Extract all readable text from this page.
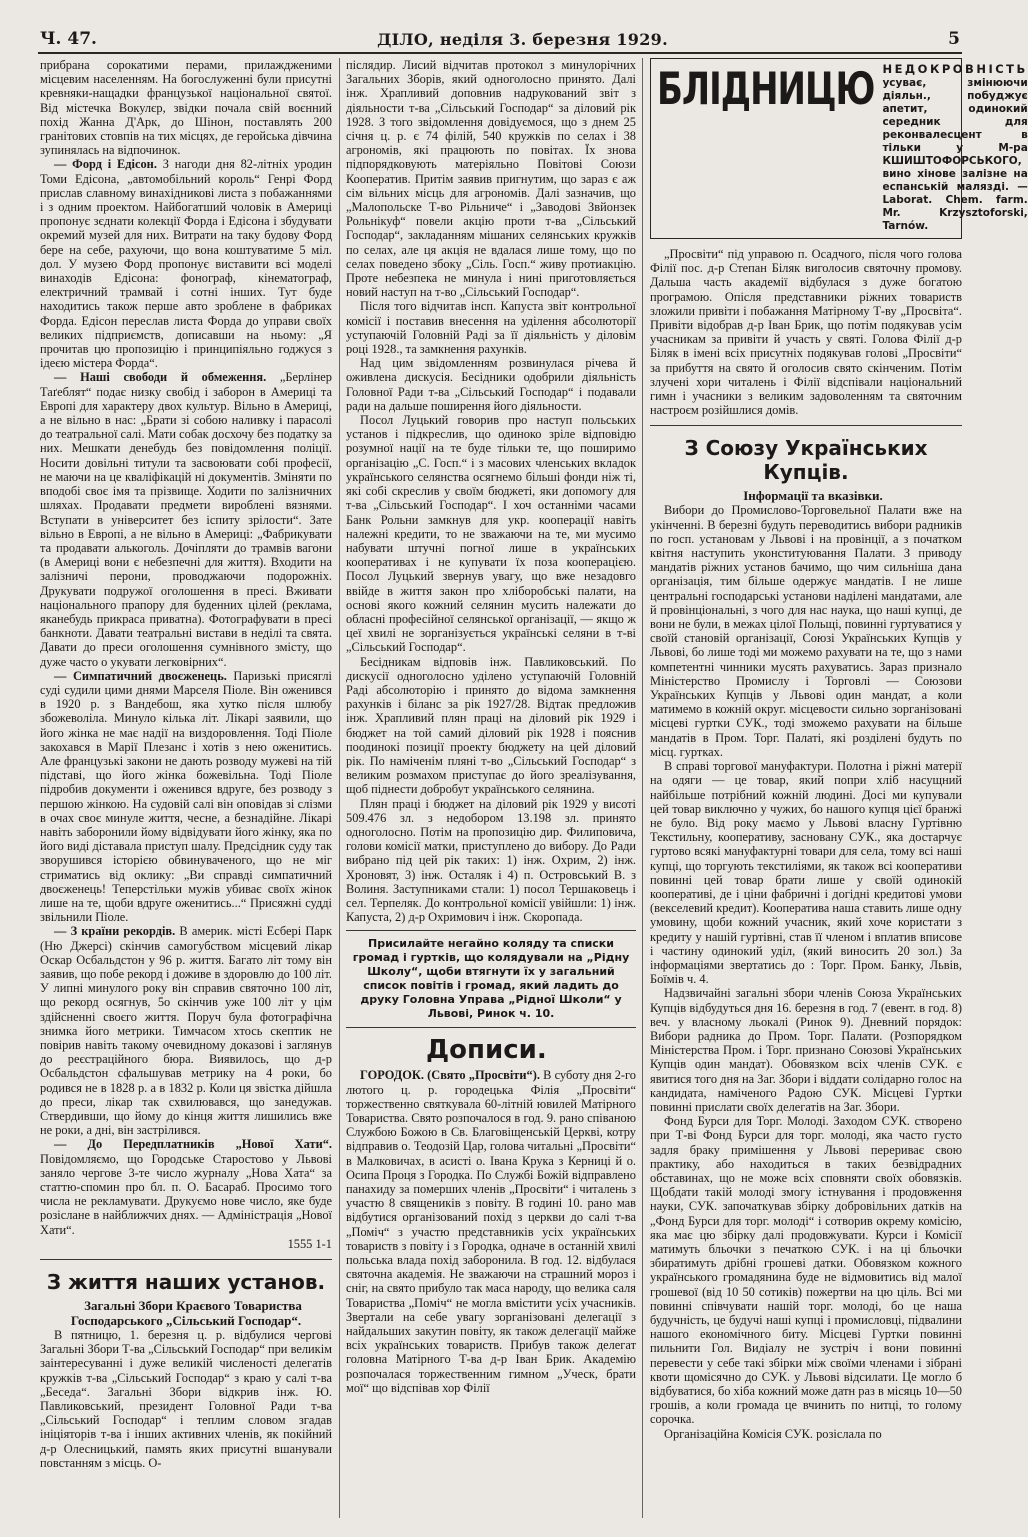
Ч. 47.	ДІЛО, неділя 3. березня 1929.	5

прибрана сорокатими перами, прилаждженими місцевим населенням. На богослуженні були присутні кревняки-нащадки французької національної святої. Від містечка Вокулєр, звідки почала свій воєнний похід Жанна Д'Арк, до Шінон, поставлять 200 гранітових стовпів на тих місцях, де геройська дівчина зупинялась на відпочинок.

— Форд і Едісон. З нагоди дня 82-літніх уродин Томи Едісона, „автомобільний король“ Генрі Форд прислав славному винахідникові листа з побажаннями і з одним проектом. Найбогатший чоловік в Америці пропонує зєднати колекції Форда і Едісона і збудувати окремий музей для них. Витрати на таку будову Форд бере на себе, рахуючи, що вона коштуватиме 5 міл. дол. У музею Форд пропонує виставити всі моделі винаходів Едісона: фонограф, кінематограф, електричний трамвай і сотні інших. Тут буде находитись також перше авто зроблене в фабриках Форда. Едісон переслав листа Форда до управи своїх великих підприємств, дописавши на ньому: „Я прочитав цю пропозицію і принципіяльно годжуся з ідеєю містера Форда“.

— Наші свободи й обмеження. „Берлінер Таґеблят“ подає низку свобід і заборон в Америці та Европі для характеру двох культур. Вільно в Америці, а не вільно в нас: „Брати зі собою наливку і парасолі до театральної салі. Мати собак досхочу без податку за них. Мешкати денебудь без повідомлення поліції. Носити довільні титули та засвоювати собі професії, не маючи на це кваліфікацій ні документів. Зміняти по вподобі своє імя та прізвище. Ходити по залізничних шляхах. Продавати предмети вироблені вязнями. Вступати в університет без іспиту зрілости“. Зате вільно в Европі, а не вільно в Америці: „Фабрикувати та продавати алькоголь. Дочіпляти до трамвів вагони (в Америці вони є небезпечні для життя). Входити на залізничі перони, проводжаючи подорожніх. Друкувати подружої оголошення в пресі. Вживати національного прапору для буденних цілей (реклама, яканебудь прикраса приватна). Фотографувати в пресі банкноти. Давати театральні вистави в неділі та свята. Давати до преси оголошення сумнівного змісту, що дуже часто о укувати легковірних“.

— Симпатичний двоєженець. Паризькі присяглі суді судили цими днями Марселя Піоле. Він оженився в 1920 р. з Вандебош, яка хутко після шлюбу збожеволіла. Минуло кілька літ. Лікарі заявили, що його жінка не має надії на виздоровлення. Тоді Піоле закохався в Марії Плезанс і хотів з нею оженитись. Але французькі закони не дають розводу мужеві на тій підставі, що його жінка божевільна. Тоді Піоле підробив документи і оженився вдруге, без розводу з першою жінкою. На судовій салі він оповідав зі слізми в очах своє минуле життя, чесне, а безнадійне. Лікарі навіть заборонили йому відвідувати його жінку, яка по його виді діставала приступ шалу. Предсідник суду так зворушився історією обвинуваченого, що не міг стриматись від оклику: „Ви справді симпатичний двоєженець! Теперстільки мужів убиває своїх жінок лише на те, щоби вдруге оженитись...“ Присяжні судді звільнили Піоле.

— З країни рекордів. В америк. місті Есбері Парк (Ню Джерсі) скінчив самогубством місцевий лікар Оскар Осбальдстон у 96 р. життя. Багато літ тому він заявив, що побе рекорд і доживе в здоровлю до 100 літ. У липні минулого року він справив святочно 100 літ, що рекорд осягнув, 5о скінчив уже 100 літ у цім здійсненні своєго життя. Поруч була фотографічна знимка його метрики. Тимчасом хтось скептик не повірив навіть такому очевидному доказові і заглянув до реєстраційного бюра. Виявилось, що д-р Осбальдстон сфальшував метрику на 4 роки, бо родився не в 1828 р. а в 1832 р. Коли ця звістка дійшла до преси, лікар так схвилювався, що занедужав. Ствердивши, що йому до кінця життя лишились вже не роки, а дні, він застрілився.

— До Передплатників „Нової Хати“. Повідомляємо, що Городське Старостово у Львові заняло чергове 3-те число журналу „Нова Хата“ за статтю-спомин про бл. п. О. Басараб. Просимо того числа не рекламувати. Друкуємо нове число, яке буде розіслане в найближчих днях. — Адміністрація „Нової Хати“.

1555 1-1

З життя наших установ.

Загальні Збори Краєвого Товариства Господарського „Сільський Господар“.

В пятницю, 1. березня ц. р. відбулися чергові Загальні Збори Т-ва „Сільський Господар“ при великім заінтересуванні і дуже великій численості делегатів кружків т-ва „Сільський Господар“ з краю у салі т-ва „Беседа“. Загальні Збори відкрив інж. Ю. Павликовський, президент Головної Ради т-ва „Сільський Господар“ і теплим словом згадав ініціяторів т-ва і інших активних членів, як покійний д-р Олесницький, память яких присутні вшанували повстанням з місць. О-

післядир. Лисий відчитав протокол з минулорічних Загальних Зборів, який одноголосно принято. Далі інж. Храпливий доповнив надрукований звіт з діяльности т-ва „Сільський Господар“ за діловий рік 1928. З того звідомлення довідуємося, що з днем 25 січня ц. р. є 74 філій, 540 кружків по селах і 38 агрономів, які працюють по повітах. Їх знова підпорядковують матеріяльно Повітові Союзи Кооператив. Притім заявив пригнутим, що зараз є аж сім вільних місць для агрономів. Далі зазначив, що „Малопольске Т-во Рільниче“ і „Заводові Звйонзек Рольнікуф“ повели акцію проти т-ва „Сільський Господар“, закладанням мішаних селянських кружків по селах, але ця акція не вдалася лише тому, що по селах поведено збоку „Сіль. Госп.“ живу протиакцію. Проте небезпека не минула і нині приготовляється новий наступ на т-во „Сільський Господар“.

Після того відчитав інсп. Капуста звіт контрольної комісії і поставив внесення на уділення абсолюторії уступаючій Головній Раді за її діяльність у діловім році 1928., та замкнення рахунків.

Над цим звідомленням розвинулася річева й оживлена дискусія. Бесідники одобрили діяльність Головної Ради т-ва „Сільський Господар“ і подавали ради на дальше поширення його діяльности.

Посол Луцький говорив про наступ польських установ і підкреслив, що одиноко зріле відповідю розумної нації на те буде тільки те, що поширимо організацію „С. Госп.“ і з масових членських вкладок українського селянства осягнемо більші фонди ніж ті, які собі скреслив у своїм бюджеті, яки допомогу для т-ва „Сільський Господар“. І хоч останніми часами Банк Рольни замкнув для укр. кооперації навіть належні кредити, то не зважаючи на те, ми мусимо набувати штучні погної лише в українських кооперативах і не купувати їх поза кооперацією. Посол Луцький звернув увагу, що вже незадовго ввійде в життя закон про хліборобські палати, на основі якого кожний селянин мусить належати до обласні професійної селянської організації, — якщо ж цеї хвилі не зорганізується українські селяни в т-ві „Сільський Господар“.

Бесідникам відповів інж. Павликовський. По дискусії одноголосно уділено уступаючій Головній Раді абсолюторію і принято до відома замкнення рахунків і біланс за рік 1927/28. Відтак предложив інж. Храпливий плян праці на діловий рік 1929 і бюджет на той самий діловий рік 1928 і пояснив поодинокі позиції проекту бюджету на цей діловий рік. По наміченім пляні т-во „Сільський Господар“ з великим розмахом приступає до його зреалізування, щоб піднести добробут українського селянина.

Плян праці і бюджет на діловий рік 1929 у висоті 509.476 зл. з недобором 13.198 зл. принято одноголосно. Потім на пропозицію дир. Филиповича, голови комісії матки, приступлено до вибору. До Ради вибрано під цей рік таких: 1) інж. Охрим, 2) інж. Хроновят, 3) інж. Осталяк і 4) п. Островський В. з Волиня. Заступниками стали: 1) посол Тершаковець і сел. Терпеляк. До контрольної комісії увійшли: 1) інж. Капуста, 2) д-р Охримович і інж. Скоропада.

Присилайте негайно колядy та списки громад і гуртків, що колядували на „Рідну Школу“, щоби втягнути їх у загальний список повітів і громад, який ладить до друку Головна Управа „Рідної Школи“ у Львові, Ринок ч. 10.
Дописи.

ГОРОДОК. (Свято „Просвіти“). В суботу дня 2-го лютого ц. р. городецька Філія „Просвіти“ торжественно святкувала 60-літній ювилей Матірного Товариства. Свято розпочалося в год. 9. рано співаною Службою Божою в Св. Благовіщенській Церкві, котру відправив о. Теодозій Цар, голова читальні „Просвіти“ в Малковичах, в асисті о. Івана Крука з Керниці й о. Осипа Проця з Городка. По Службі Божій відправлено панахиду за померших членів „Просвіти“ і читалень з участю 8 священиків з повіту. В годині 10. рано мав відбутися організований похід з церкви до салі т-ва „Поміч“ з участю представників усіх українських товариств з повіту і з Городка, одначе в останній хвилі польська влада похід заборонила. В год. 12. відбулася святочна академія. Не зважаючи на страшний мороз і сніг, на свято прибуло так маса народу, що велика саля Товариства „Поміч“ не могла вмістити усіх учасників. Звертали на себе увагу зорганізовані делегації з найдальших закутин повіту, як також делегації майже всіх українських товариств. Прибув також делегат головна Матірного Т-ва д-р Іван Брик. Академію розпочалася торжественним гимном „Уческ, брати мої“ що відспівав хор Філії

БЛІДНИЦЮ НЕДОКРОВНІСТЬ
усуває, змінюючи діяльн., побуджує апетит, одинокий середник для реконвалесцент в тільки у М-ра КШИШТОФОРСЬКОГО, вино хінове залізне на еспанській малязді. — Laborat. Chem. farm. Mr. Krzysztoforski, Tarnów.

„Просвіти“ під управою п. Осадчого, після чого голова Філії пос. д-р Степан Біляк виголосив святочну промову. Дальша часть академії відбулася з дуже богатою програмою. Опісля представники ріжних товариств зложили привіти і побажання Матірному Т-ву „Просвіта“. Привіти відобрав д-р Іван Брик, що потім подякував усім учасникам за привіти й участь у святі. Голова Філії д-р Біляк в імені всіх присутніх подякував голові „Просвіти“ за прибуття на свято й оголосив свято скінченим. Потім злучені хори читалень і Філії відспівали національний гимн і учасники з великим задоволенням та святочним настроєм розійшлися домів.

З Союзу Українських Купців.

Інформації та вказівки.

Вибори до Промислово-Торговельної Палати вже на укінченні. В березні будуть переводитись вибори радників по госп. установам у Львові і на провінції, а з початком квітня наступить уконституювання Палати. З приводу мандатів ріжних установ бачимо, що чим сильніша дана організація, тим більше одержує мандатів. І не лише центральні господарські установи наділені мандатами, але й провінціональні, з чого для нас наука, що наші купці, де вони не були, в межах цілої Польщі, повинні гуртуватися у своїй становій організації, Союзі Українських Купців у Львові, бо лише тоді ми можемо рахувати на те, що з нами компетентні чинники мусять рахуватись. Зараз признало Міністерство Промислу і Торговлі — Союзови Українських Купців у Львові один мандат, а коли матимемо в кожній округ. місцевости сильно зорганізовані місцеві гуртки СУК., тоді зможемо рахувати на більше мандатів в Пром. Торг. Палаті, які розділені будуть по місц. гуртках.

В справі торгової мануфактури. Полотна і ріжні матерії на одяги — це товар, який попри хліб насущний найбільше потрібний кожній людині. Досі ми купували цей товар виключно у чужих, бо нашого купця цієї бранжі не було. Від року маємо у Львові власну Гуртівню Текстильну, кооперативу, засновану СУК., яка достарчує гуртово всякі мануфактурні товари для села, тому всі наші купці, що торгують текстиліями, як також всі кооперативи повинні цей товар брати лише у своїй одинокій кооперативі, де і ціни фабричні і догідні кредитові умови (векселевий кредит). Кооператива наша ставить лише одну умовину, щоби кожний учасник, який хоче користати з кредиту у нашій гуртівні, став її членом і вплатив вписове і частину одинокий уділ, (який виносить 20 зол.) За інформаціями звертатись до : Торг. Пром. Банку, Львів, Боїмів ч. 4.

Надзвичайні загальні збори членів Союза Українських Купців відбудуться дня 16. березня в год. 7 (евент. в год. 8) веч. у власному льокалі (Ринок 9). Дневний порядок: Вибори радника до Пром. Торг. Палати. (Розпорядком Міністерства Пром. і Торг. признано Союзові Українських Купців один мандат). Обовязком всіх членів СУК. є явитися того дня на Заг. Збори і віддати солідарно голос на кандидата, наміченого Радою СУК. Місцеві Гуртки повинні прислати своїх делегатів на Заг. Збори.

Фонд Бурси для Торг. Молоді. Заходом СУК. створено при Т-ві Фонд Бурси для торг. молоді, яка часто густо задля браку примішення у Львові перериває свою практику, або находиться в таких безвідрадних обставинах, що не може всіх сповняти своїх обовязків. Щобдати такій молоді змогу істнування і продовження науки, СУК. започаткував збірку добровільних датків на „Фонд Бурси для торг. молоді“ і сотворив окрему комісію, яка має цю збірку далі продовжувати. Курси і Комісії матимуть бльочки з печаткою СУК. і на ці бльочки збиратимуть дрібні грошеві датки. Обовязком кожного українського громадянина буде не відмовитись від малої грошевої (від 10 50 сотиків) пожертви на цю ціль. Всі ми повинні співчувати нашій торг. молоді, бо це наша будучність, це будучі наші купці і промисловці, підвалини нашого економічного биту. Місцеві Гуртки повинні пильнити Гол. Видіалу не зустріч і вони повинні перевести у себе такі збірки між своїми членами і зібрані квоти щомісячно до СУК. у Львові відсилати. Це могло б відбуватися, бо хіба кожний може датн раз в місяць 10—50 грошів, а коли громада це вчинить по нитці, то голому сорочка.

Організаційна Комісія СУК. розіслала по
